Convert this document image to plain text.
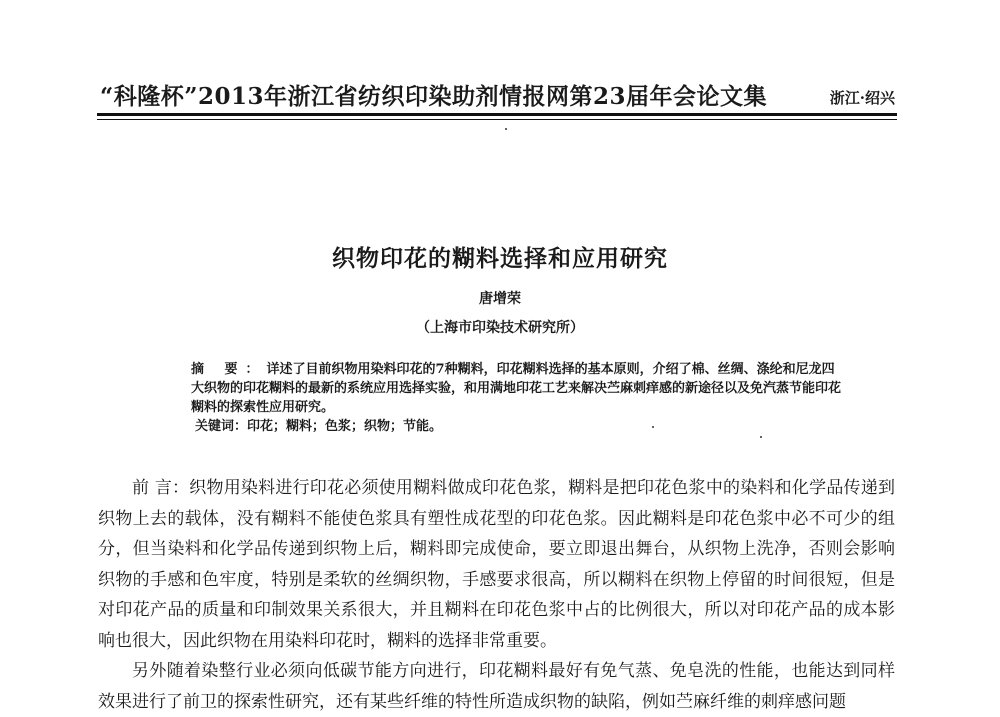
“科隆杯”2013年浙江省纺织印染助剂情报网第23届年会论文集	浙江·绍兴
织物印花的糊料选择和应用研究
唐增荣
（上海市印染技术研究所）

摘 要：详述了目前织物用染料印花的7种糊料，印花糊料选择的基本原则，介绍了棉、丝绸、涤纶和尼龙四大织物的印花糊料的最新的系统应用选择实验，和用满地印花工艺来解决苎麻刺痒感的新途径以及免汽蒸节能印花糊料的探索性应用研究。

关键词：印花；糊料；色浆；织物；节能。

前 言：织物用染料进行印花必须使用糊料做成印花色浆，糊料是把印花色浆中的染料和化学品传递到织物上去的载体，没有糊料不能使色浆具有塑性成花型的印花色浆。因此糊料是印花色浆中必不可少的组分，但当染料和化学品传递到织物上后，糊料即完成使命，要立即退出舞台，从织物上洗净，否则会影响织物的手感和色牢度，特别是柔软的丝绸织物，手感要求很高，所以糊料在织物上停留的时间很短，但是对印花产品的质量和印制效果关系很大，并且糊料在印花色浆中占的比例很大，所以对印花产品的成本影响也很大，因此织物在用染料印花时，糊料的选择非常重要。

另外随着染整行业必须向低碳节能方向进行，印花糊料最好有免气蒸、免皂洗的性能，也能达到同样效果进行了前卫的探索性研究，还有某些纤维的特性所造成织物的缺陷，例如苎麻纤维的刺痒感问题
